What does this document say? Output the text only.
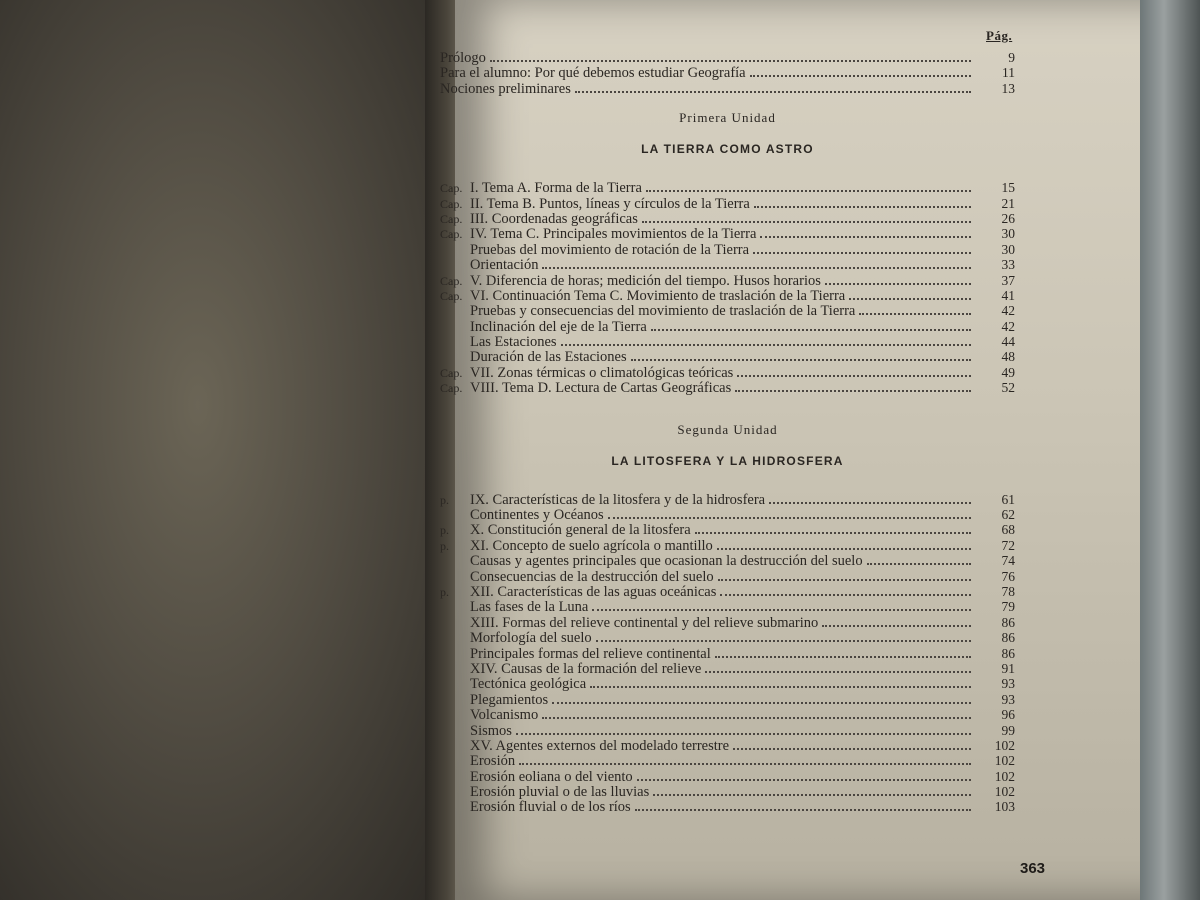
Pág.
Prólogo	9
Para el alumno: Por qué debemos estudiar Geografía	11
Nociones preliminares	13
Primera Unidad
LA TIERRA COMO ASTRO
Cap. I. Tema A. Forma de la Tierra	15
Cap. II. Tema B. Puntos, líneas y círculos de la Tierra	21
Cap. III. Coordenadas geográficas	26
Cap. IV. Tema C. Principales movimientos de la Tierra	30
Pruebas del movimiento de rotación de la Tierra	30
Orientación	33
Cap. V. Diferencia de horas; medición del tiempo. Husos horarios	37
Cap. VI. Continuación Tema C. Movimiento de traslación de la Tierra	41
Pruebas y consecuencias del movimiento de traslación de la Tierra	42
Inclinación del eje de la Tierra	42
Las Estaciones	44
Duración de las Estaciones	48
Cap. VII. Zonas térmicas o climatológicas teóricas	49
Cap. VIII. Tema D. Lectura de Cartas Geográficas	52
Segunda Unidad
LA LITOSFERA Y LA HIDROSFERA
p.	IX. Características de la litosfera y de la hidrosfera	61
Continentes y Océanos	62
p.	X. Constitución general de la litosfera	68
p.	XI. Concepto de suelo agrícola o mantillo	72
Causas y agentes principales que ocasionan la destrucción del suelo	74
Consecuencias de la destrucción del suelo	76
p.	XII. Características de las aguas oceánicas	78
Las fases de la Luna	79
XIII. Formas del relieve continental y del relieve submarino	86
Morfología del suelo	86
Principales formas del relieve continental	86
XIV. Causas de la formación del relieve	91
Tectónica geológica	93
Plegamientos	93
Volcanismo	96
Sismos	99
XV. Agentes externos del modelado terrestre	102
Erosión	102
Erosión eoliana o del viento	102
Erosión pluvial o de las lluvias	102
Erosión fluvial o de los ríos	103
363
